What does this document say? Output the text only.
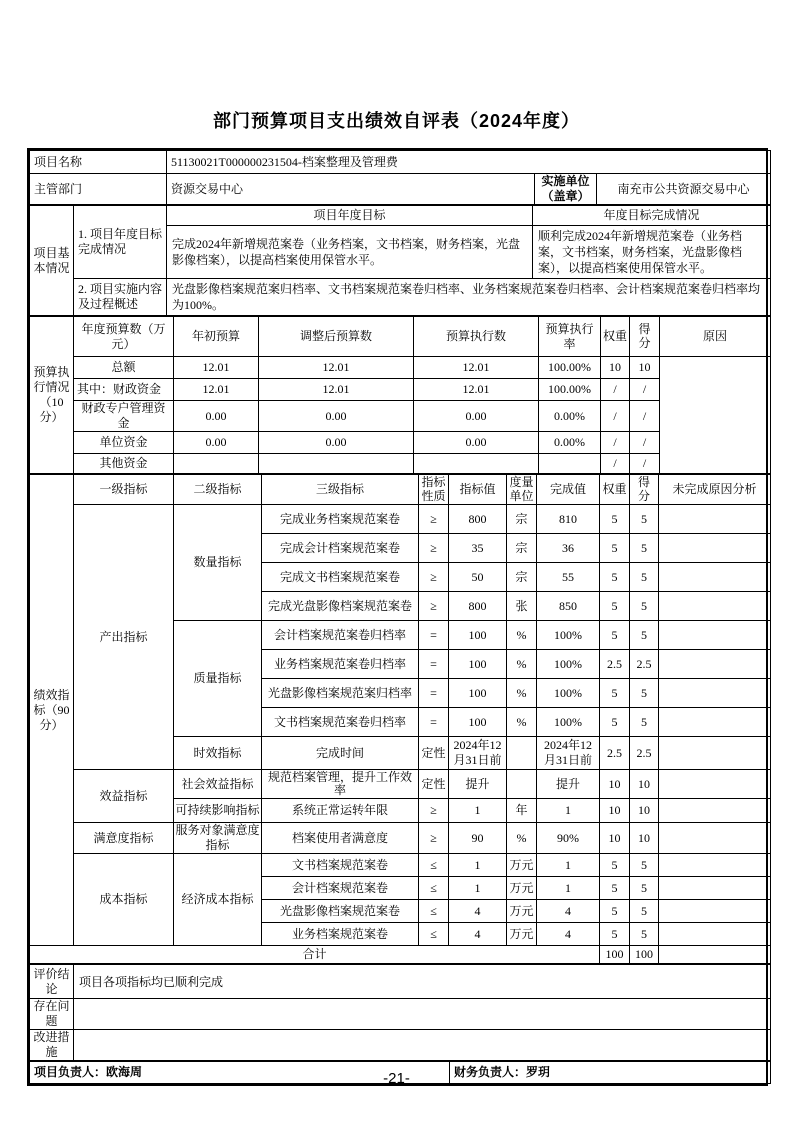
部门预算项目支出绩效自评表（2024年度）
项目名称	51130021T000000231504-档案整理及管理费		
主管部门	资源交易中心	实施单位（盖章）	南充市公共资源交易中心
项目基本情况	1. 项目年度目标完成情况	项目年度目标	年度目标完成情况
		完成2024年新增规范案卷（业务档案，文书档案，财务档案，光盘影像档案），以提高档案使用保管水平。	顺利完成2024年新增规范案卷（业务档案，文书档案，财务档案，光盘影像档案），以提高档案使用保管水平。
	2. 项目实施内容及过程概述	光盘影像档案规范案归档率、文书档案规范案卷归档率、业务档案规范案卷归档率、会计档案规范案卷归档率均为100%。	
预算执行情况（10分）	年度预算数（万元）	年初预算	调整后预算数	预算执行数	预算执行率	权重	得分	原因
	总额	12.01	12.01	12.01	100.00%	10	10	
	其中：财政资金	12.01	12.01	12.01	100.00%	/	/	
	财政专户管理资金	0.00	0.00	0.00	0.00%	/	/	
	单位资金	0.00	0.00	0.00	0.00%	/	/	
	其他资金					/	/	
绩效指标（90分）	一级指标	二级指标	三级指标	指标性质	指标值	度量单位	完成值	权重	得分	未完成原因分析
	产出指标	数量指标	完成业务档案规范案卷	≥	800	宗	810	5	5	
			完成会计档案规范案卷	≥	35	宗	36	5	5	
			完成文书档案规范案卷	≥	50	宗	55	5	5	
			完成光盘影像档案规范案卷	≥	800	张	850	5	5	
		质量指标	会计档案规范案卷归档率	=	100	%	100%	5	5	
			业务档案规范案卷归档率	=	100	%	100%	2.5	2.5	
			光盘影像档案规范案归档率	=	100	%	100%	5	5	
			文书档案规范案卷归档率	=	100	%	100%	5	5	
		时效指标	完成时间	定性	2024年12月31日前		2024年12月31日前	2.5	2.5	
	效益指标	社会效益指标	规范档案管理，提升工作效率	定性	提升		提升	10	10	
		可持续影响指标	系统正常运转年限	≥	1	年	1	10	10	
	满意度指标	服务对象满意度指标	档案使用者满意度	≥	90	%	90%	10	10	
	成本指标	经济成本指标	文书档案规范案卷	≤	1	万元	1	5	5	
			会计档案规范案卷	≤	1	万元	1	5	5	
			光盘影像档案规范案卷	≤	4	万元	4	5	5	
			业务档案规范案卷	≤	4	万元	4	5	5	
合计								100	100	
评价结论	项目各项指标均已顺利完成
存在问题	
改进措施	
项目负责人：欧海周	财务负责人：罗玥
-21-
